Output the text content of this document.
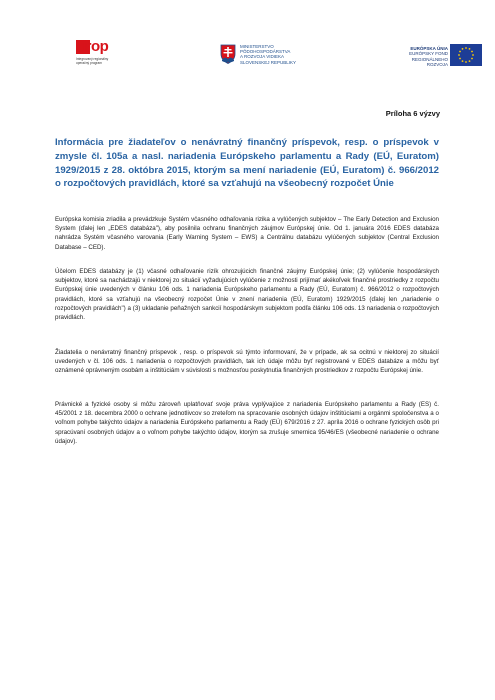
irop
Integrovaný regionálny operačný program
MINISTERSTVO
PÔDOHOSPODÁRSTVA
A ROZVOJA VIDIEKA
SLOVENSKEJ REPUBLIKY
EURÓPSKA ÚNIA
EURÓPSKY FOND
REGIONÁLNEHO ROZVOJA
Príloha 6 výzvy
Informácia pre žiadateľov o nenávratný finančný príspevok, resp. o príspevok v zmysle čl. 105a a nasl. nariadenia Európskeho parlamentu a Rady (EÚ, Euratom) 1929/2015 z 28. októbra 2015, ktorým sa mení nariadenie (EÚ, Euratom) č. 966/2012 o rozpočtových pravidlách, ktoré sa vzťahujú na všeobecný rozpočet Únie

Európska komisia zriadila a prevádzkuje Systém včasného odhaľovania rizika a vylúčených subjektov – The Early Detection and Exclusion System (ďalej len „EDES databáza"), aby posilnila ochranu finančných záujmov Európskej únie. Od 1. januára 2016 EDES databáza nahrádza Systém včasného varovania (Early Warning System – EWS) a Centrálnu databázu vylúčených subjektov (Central Exclusion Database – CED).

Účelom EDES databázy je (1) včasné odhaľovanie rizík ohrozujúcich finančné záujmy Európskej únie; (2) vylúčenie hospodárskych subjektov, ktoré sa nachádzajú v niektorej zo situácií vyžadujúcich vylúčenie z možnosti prijímať akékoľvek finančné prostriedky z rozpočtu Európskej únie uvedených v článku 106 ods. 1 nariadenia Európskeho parlamentu a Rady (EÚ, Euratom) č. 966/2012 o rozpočtových pravidlách, ktoré sa vzťahujú na všeobecný rozpočet Únie v znení nariadenia (EÚ, Euratom) 1929/2015 (ďalej len „nariadenie o rozpočtových pravidlách") a (3) ukladanie peňažných sankcií hospodárskym subjektom podľa článku 106 ods. 13 nariadenia o rozpočtových pravidlách.

Žiadatelia o nenávratný finančný príspevok , resp. o príspevok sú týmto informovaní, že v prípade, ak sa ocitnú v niektorej zo situácií uvedených v čl. 106 ods. 1 nariadenia o rozpočtových pravidlách, tak ich údaje môžu byť registrované v EDES databáze a môžu byť oznámené oprávneným osobám a inštitúciám v súvislosti s možnosťou poskytnutia finančných prostriedkov z rozpočtu Európskej únie.

Právnické a fyzické osoby si môžu zároveň uplatňovať svoje práva vyplývajúce z nariadenia Európskeho parlamentu a Rady (ES) č. 45/2001 z 18. decembra 2000 o ochrane jednotlivcov so zreteľom na spracovanie osobných údajov inštitúciami a orgánmi spoločenstva a o voľnom pohybe takýchto údajov a nariadenia Európskeho parlamentu a Rady (EÚ) 679/2016 z 27. apríla 2016 o ochrane fyzických osôb pri spracúvaní osobných údajov a o voľnom pohybe takýchto údajov, ktorým sa zrušuje smernica 95/46/ES (všeobecné nariadenie o ochrane údajov).
